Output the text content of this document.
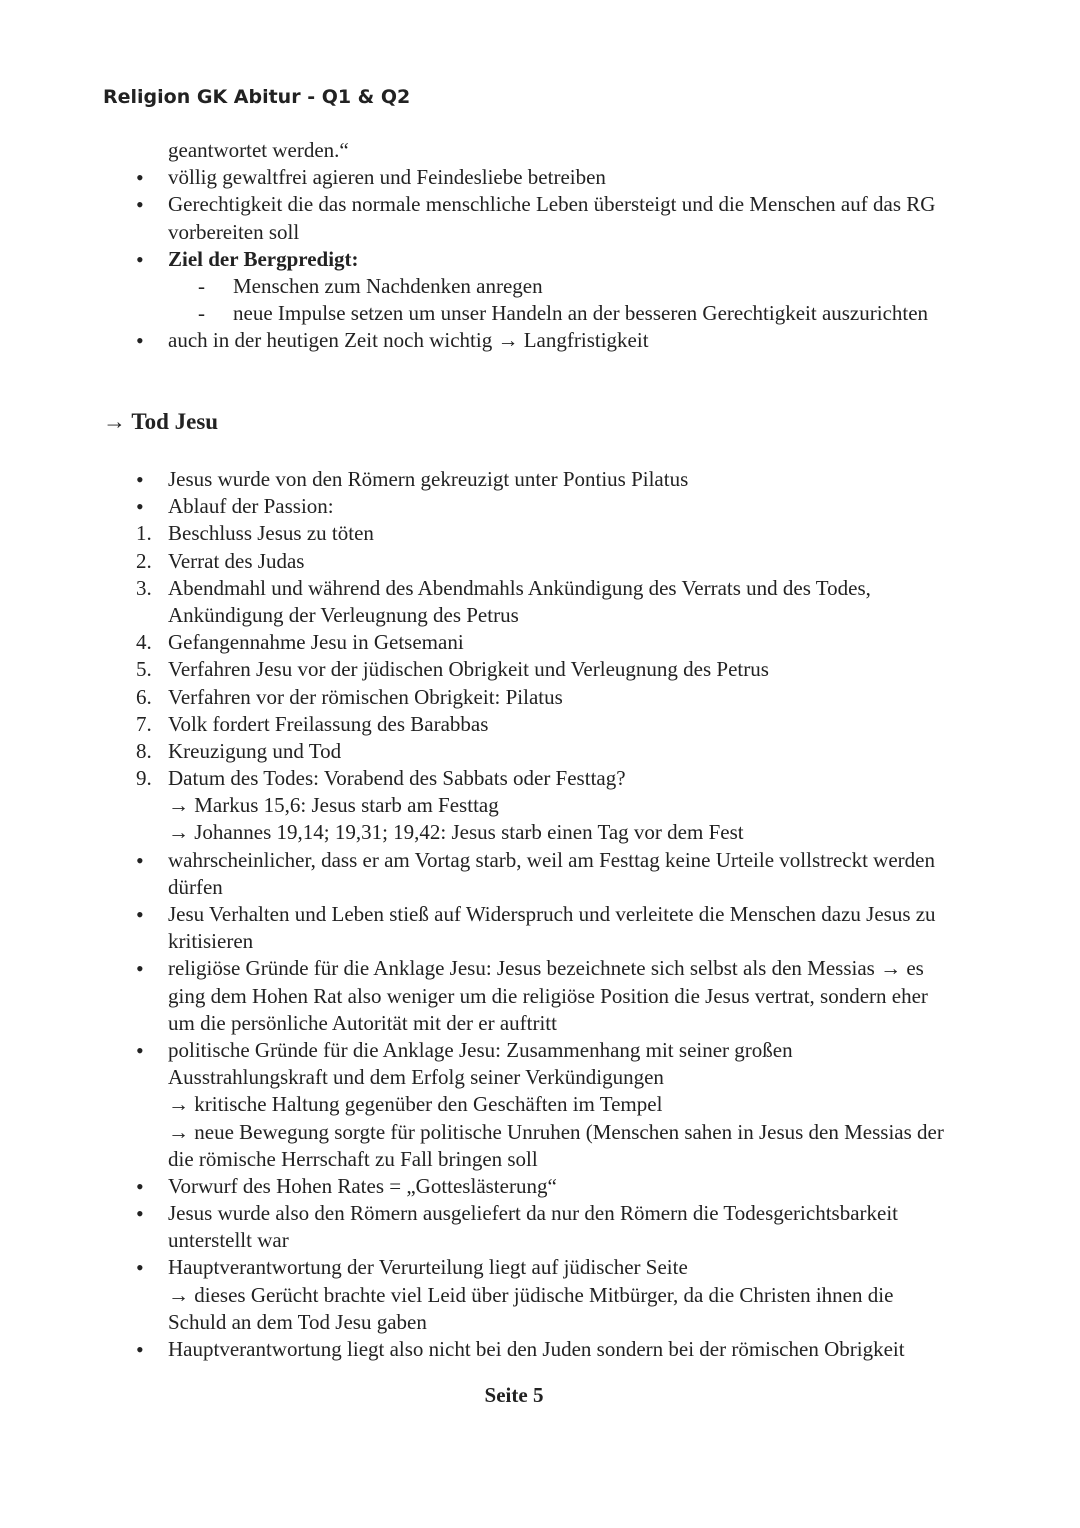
Religion GK Abitur - Q1 & Q2
geantwortet werden.“
• völlig gewaltfrei agieren und Feindesliebe betreiben
• Gerechtigkeit die das normale menschliche Leben übersteigt und die Menschen auf das RG
vorbereiten soll
• Ziel der Bergpredigt:
- Menschen zum Nachdenken anregen
- neue Impulse setzen um unser Handeln an der besseren Gerechtigkeit auszurichten
• auch in der heutigen Zeit noch wichtig → Langfristigkeit
→ Tod Jesu
• Jesus wurde von den Römern gekreuzigt unter Pontius Pilatus
• Ablauf der Passion:
1. Beschluss Jesus zu töten
2. Verrat des Judas
3. Abendmahl und während des Abendmahls Ankündigung des Verrats und des Todes,
Ankündigung der Verleugnung des Petrus
4. Gefangennahme Jesu in Getsemani
5. Verfahren Jesu vor der jüdischen Obrigkeit und Verleugnung des Petrus
6. Verfahren vor der römischen Obrigkeit: Pilatus
7. Volk fordert Freilassung des Barabbas
8. Kreuzigung und Tod
9. Datum des Todes: Vorabend des Sabbats oder Festtag?
→ Markus 15,6: Jesus starb am Festtag
→ Johannes 19,14; 19,31; 19,42: Jesus starb einen Tag vor dem Fest
• wahrscheinlicher, dass er am Vortag starb, weil am Festtag keine Urteile vollstreckt werden
dürfen
• Jesu Verhalten und Leben stieß auf Widerspruch und verleitete die Menschen dazu Jesus zu
kritisieren
• religiöse Gründe für die Anklage Jesu: Jesus bezeichnete sich selbst als den Messias → es
ging dem Hohen Rat also weniger um die religiöse Position die Jesus vertrat, sondern eher
um die persönliche Autorität mit der er auftritt
• politische Gründe für die Anklage Jesu: Zusammenhang mit seiner großen
Ausstrahlungskraft und dem Erfolg seiner Verkündigungen
→ kritische Haltung gegenüber den Geschäften im Tempel
→ neue Bewegung sorgte für politische Unruhen (Menschen sahen in Jesus den Messias der
die römische Herrschaft zu Fall bringen soll
• Vorwurf des Hohen Rates = „Gotteslästerung“
• Jesus wurde also den Römern ausgeliefert da nur den Römern die Todesgerichtsbarkeit
unterstellt war
• Hauptverantwortung der Verurteilung liegt auf jüdischer Seite
→ dieses Gerücht brachte viel Leid über jüdische Mitbürger, da die Christen ihnen die
Schuld an dem Tod Jesu gaben
• Hauptverantwortung liegt also nicht bei den Juden sondern bei der römischen Obrigkeit
Seite 5
